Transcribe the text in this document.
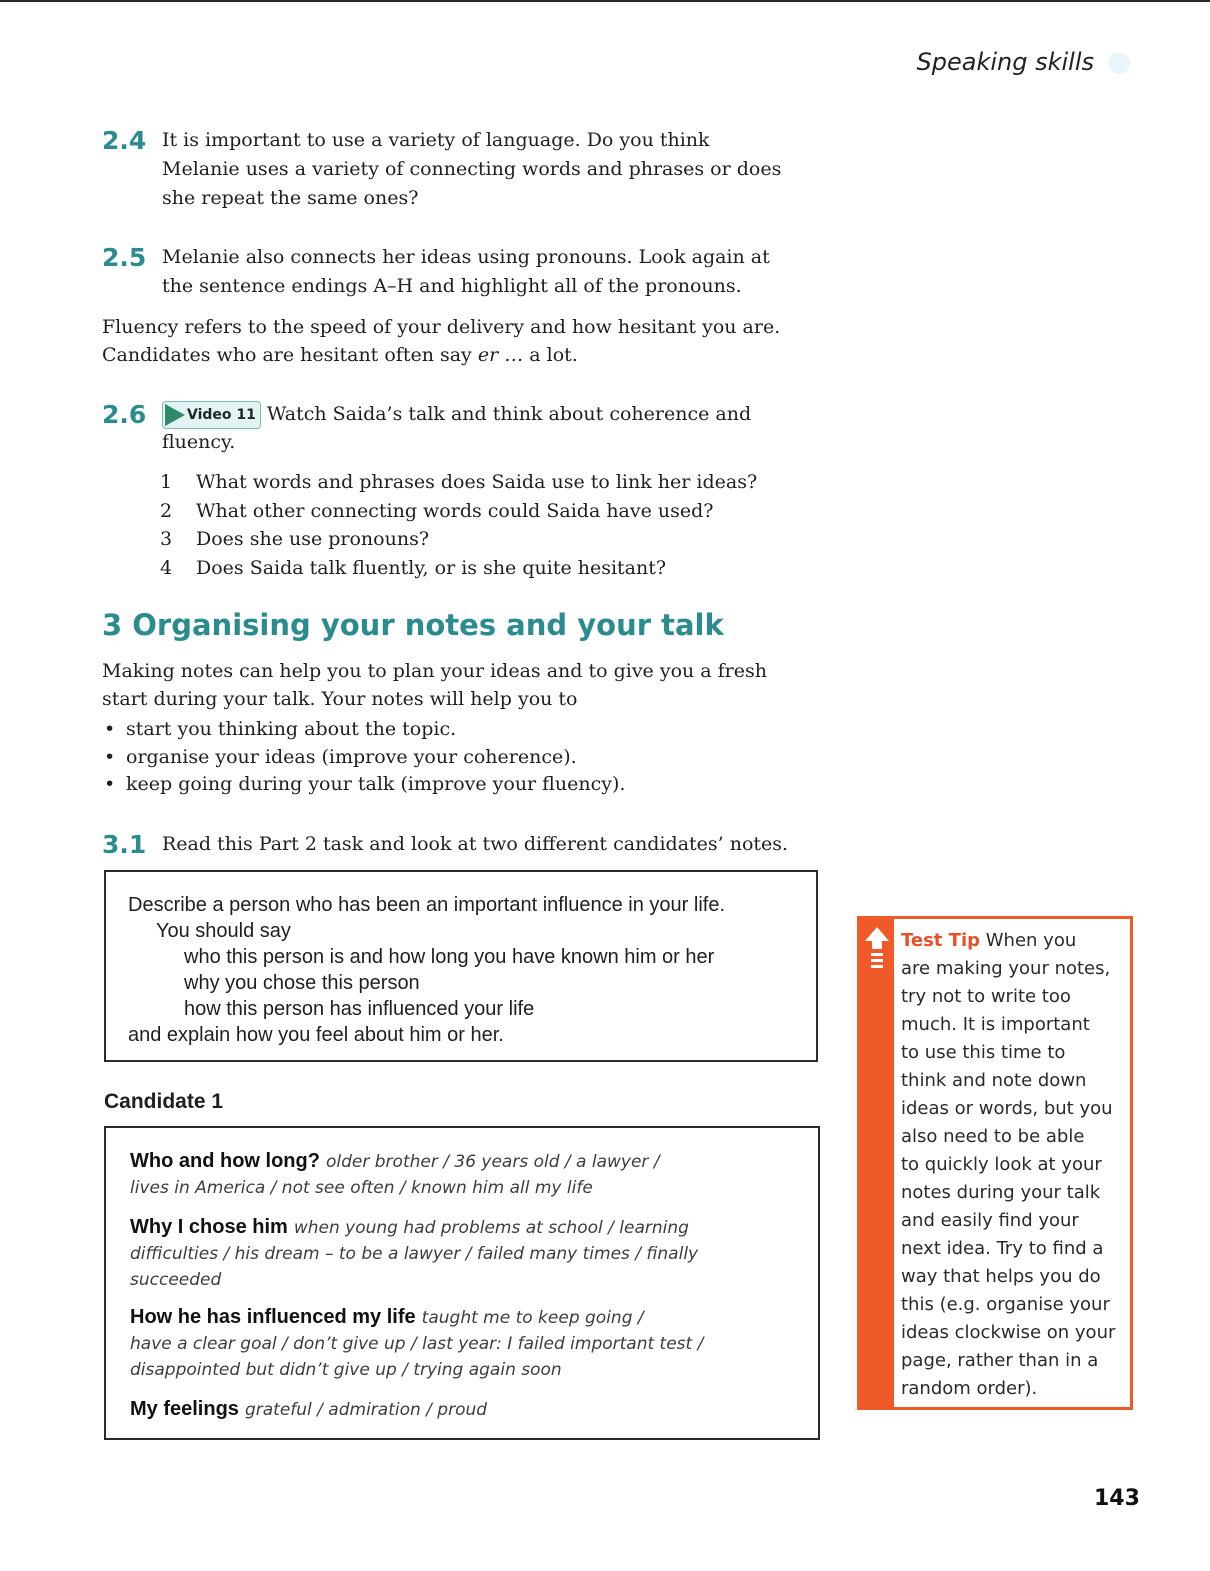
Speaking skills
2.4 It is important to use a variety of language. Do you think
Melanie uses a variety of connecting words and phrases or does
she repeat the same ones?
2.5 Melanie also connects her ideas using pronouns. Look again at
the sentence endings A–H and highlight all of the pronouns.
Fluency refers to the speed of your delivery and how hesitant you are.
Candidates who are hesitant often say er … a lot.
2.6	Video 11 Watch Saida’s talk and think about coherence and
fluency.
1 What words and phrases does Saida use to link her ideas?
2 What other connecting words could Saida have used?
3 Does she use pronouns?
4 Does Saida talk fluently, or is she quite hesitant?
3 Organising your notes and your talk
Making notes can help you to plan your ideas and to give you a fresh
start during your talk. Your notes will help you to
• start you thinking about the topic.
• organise your ideas (improve your coherence).
• keep going during your talk (improve your fluency).
3.1 Read this Part 2 task and look at two different candidates’ notes.
Describe a person who has been an important influence in your life.
You should say
who this person is and how long you have known him or her
why you chose this person
how this person has influenced your life
and explain how you feel about him or her.
Candidate 1
Who and how long? older brother / 36 years old / a lawyer /
lives in America / not see often / known him all my life
Why I chose him when young had problems at school / learning
difficulties / his dream – to be a lawyer / failed many times / finally
succeeded
How he has influenced my life taught me to keep going /
have a clear goal / don’t give up / last year: I failed important test /
disappointed but didn’t give up / trying again soon
My feelings grateful / admiration / proud
Test Tip When you
are making your notes,
try not to write too
much. It is important
to use this time to
think and note down
ideas or words, but you
also need to be able
to quickly look at your
notes during your talk
and easily find your
next idea. Try to find a
way that helps you do
this (e.g. organise your
ideas clockwise on your
page, rather than in a
random order).
143
